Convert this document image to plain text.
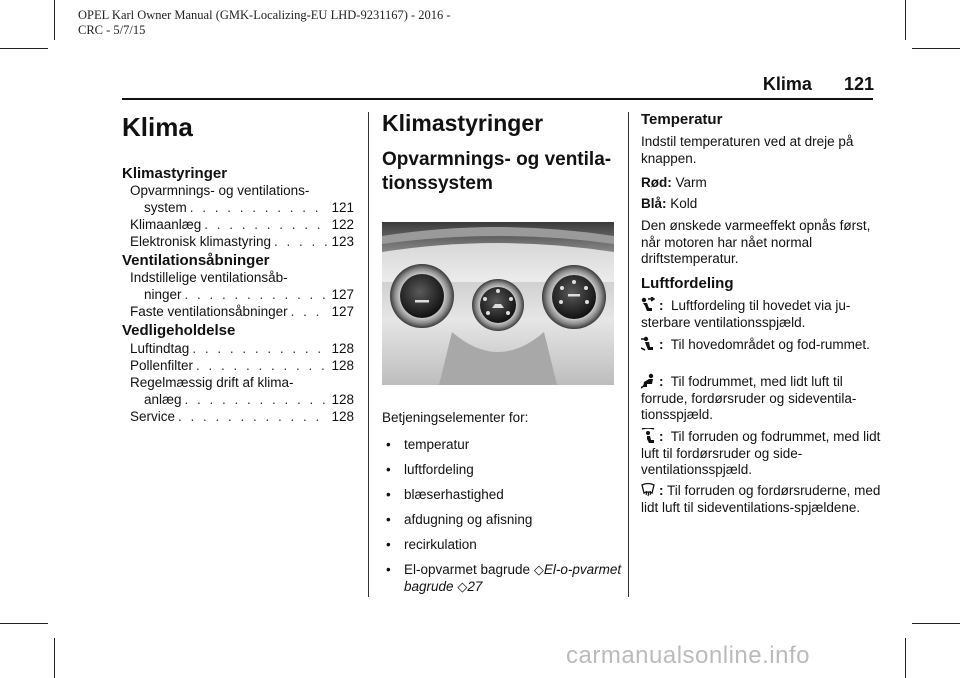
OPEL Karl Owner Manual (GMK-Localizing-EU LHD-9231167) - 2016 -
CRC - 5/7/15
Klima 121
Klima
Klimastyringer
Opvarmnings- og ventilations-
system . . .	121
Klimaanlæg . . .	122
Elektronisk klimastyring . . .	123
Ventilationsåbninger
Indstillelige ventilationsåb-
ninger . . .	127
Faste ventilationsåbninger . . .	127
Vedligeholdelse
Luftindtag . . .	128
Pollenfilter . . .	128
Regelmæssig drift af klima-
anlæg . . .	128
Service . . .	128
Klimastyringer
Opvarmnings- og ventila-tionssystem
Betjeningselementer for:
• temperatur
• luftfordeling
• blæserhastighed
• afdugning og afisning
• recirkulation
• El-opvarmet bagrude ◇El-o-pvarmet bagrude ◇27
Temperatur
Indstil temperaturen ved at dreje på knappen.
Rød: Varm
Blå: Kold
Den ønskede varmeeffekt opnås først, når motoren har nået normal driftstemperatur.
Luftfordeling
: Luftfordeling til hovedet via ju-sterbare ventilationsspjæld.
: Til hovedområdet og fod-rummet.
: Til fodrummet, med lidt luft til forrude, fordørsruder og sideventila-tionsspjæld.
: Til forruden og fodrummet, med lidt luft til fordørsruder og side-ventilationsspjæld.
: Til forruden og fordørsruderne, med lidt luft til sideventilations-spjældene.
carmanualsonline.info
